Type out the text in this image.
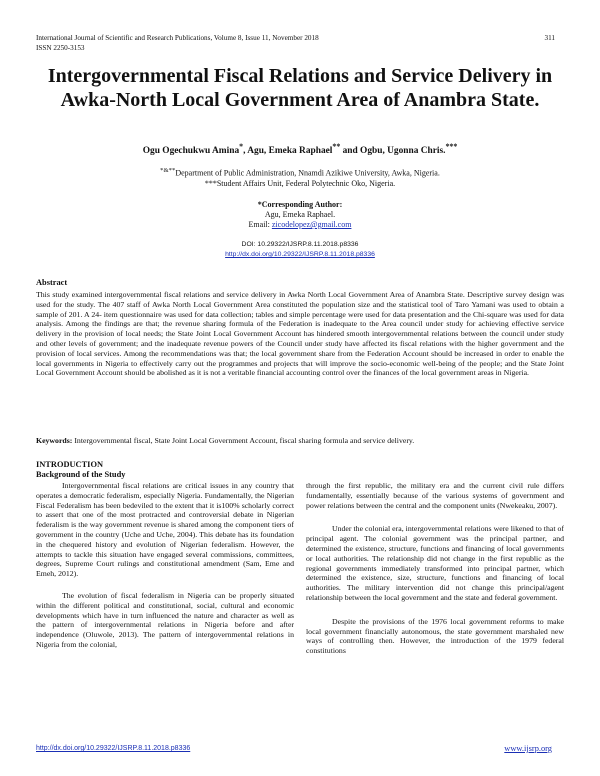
International Journal of Scientific and Research Publications, Volume 8, Issue 11, November 2018
ISSN 2250-3153
311
Intergovernmental Fiscal Relations and Service Delivery in Awka-North Local Government Area of Anambra State.
Ogu Ogechukwu Amina*, Agu, Emeka Raphael** and Ogbu, Ugonna Chris.***
*&**Department of Public Administration, Nnamdi Azikiwe University, Awka, Nigeria.
***Student Affairs Unit, Federal Polytechnic Oko, Nigeria.
*Corresponding Author:
Agu, Emeka Raphael.
Email: zicodelopez@gmail.com
DOI: 10.29322/IJSRP.8.11.2018.p8336
http://dx.doi.org/10.29322/IJSRP.8.11.2018.p8336
Abstract
This study examined intergovernmental fiscal relations and service delivery in Awka North Local Government Area of Anambra State. Descriptive survey design was used for the study. The 407 staff of Awka North Local Government Area constituted the population size and the statistical tool of Taro Yamani was used to obtain a sample of 201. A 24- item questionnaire was used for data collection; tables and simple percentage were used for data presentation and the Chi-square was used for data analysis. Among the findings are that; the revenue sharing formula of the Federation is inadequate to the Area council under study for achieving effective service delivery in the provision of local needs; the State Joint Local Government Account has hindered smooth intergovernmental relations between the council under study and other levels of government; and the inadequate revenue powers of the Council under study have affected its fiscal relations with the higher government and the provision of local services. Among the recommendations was that; the local government share from the Federation Account should be increased in order to enable the local governments in Nigeria to effectively carry out the programmes and projects that will improve the socio-economic well-being of the people; and the State Joint Local Government Account should be abolished as it is not a veritable financial accounting control over the finances of the local government areas in Nigeria.
Keywords: Intergovernmental fiscal, State Joint Local Government Account, fiscal sharing formula and service delivery.
INTRODUCTION
Background of the Study

Intergovernmental fiscal relations are critical issues in any country that operates a democratic federalism, especially Nigeria. Fundamentally, the Nigerian Fiscal Federalism has been bedeviled to the extent that it is100% scholarly correct to assert that one of the most protracted and controversial debate in Nigerian federalism is the way government revenue is shared among the component tiers of government in the country (Uche and Uche, 2004). This debate has its foundation in the chequered history and evolution of Nigerian federalism. However, the attempts to tackle this situation have engaged several commissions, committees, degrees, Supreme Court rulings and constitutional amendment (Sam, Eme and Emeh, 2012).

The evolution of fiscal federalism in Nigeria can be properly situated within the different political and constitutional, social, cultural and economic developments which have in turn influenced the nature and character as well as the pattern of intergovernmental relations in Nigeria before and after independence (Oluwole, 2013). The pattern of intergovernmental relations in Nigeria from the colonial,

through the first republic, the military era and the current civil rule differs fundamentally, essentially because of the various systems of government and power relations between the central and the component units (Nwekeaku, 2007).

Under the colonial era, intergovernmental relations were likened to that of principal agent. The colonial government was the principal partner, and determined the existence, structure, functions and financing of local governments or local authorities. The relationship did not change in the first republic as the regional governments immediately transformed into principal partner, which determined the existence, size, structure, functions and financing of local authorities. The military intervention did not change this principal/agent relationship between the local government and the state and federal government.

Despite the provisions of the 1976 local government reforms to make local government financially autonomous, the state government marshaled new ways of controlling then. However, the introduction of the 1979 federal constitutions

http://dx.doi.org/10.29322/IJSRP.8.11.2018.p8336	www.ijsrp.org
